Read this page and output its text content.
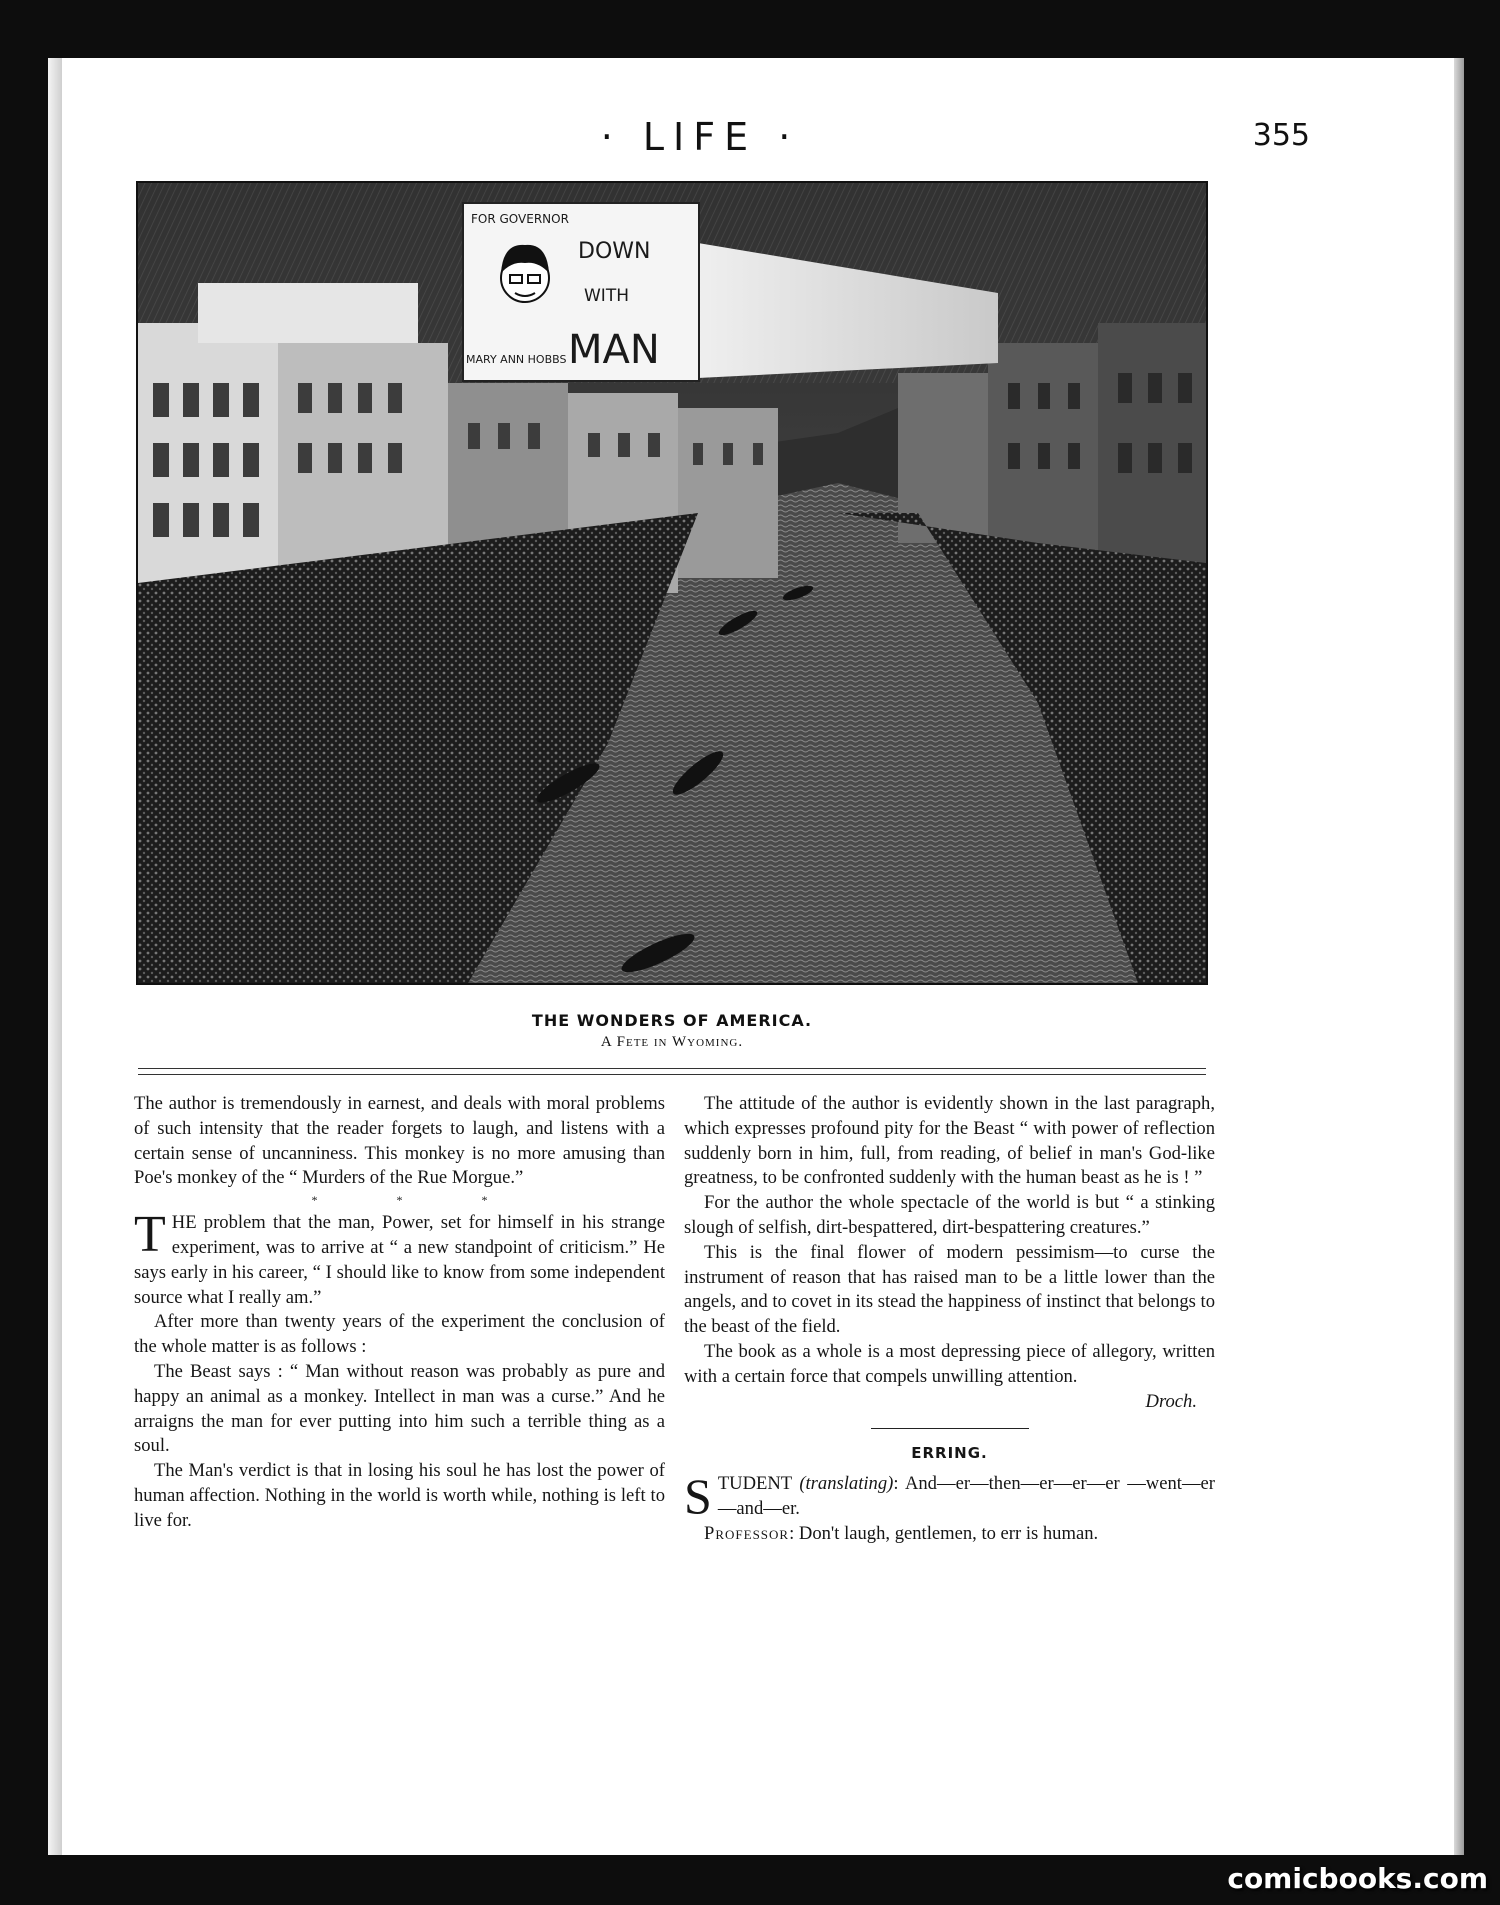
· LIFE ·	355
FOR GOVERNOR
MARY ANN HOBBS
DOWN
WITH
MAN
THE WONDERS OF AMERICA.
A Fete in Wyoming.

The author is tremendously in earnest, and deals with moral problems of such intensity that the reader forgets to laugh, and listens with a certain sense of uncanniness. This monkey is no more amusing than Poe's monkey of the “ Murders of the Rue Morgue.”

* * *

THE problem that the man, Power, set for himself in his strange experiment, was to arrive at “ a new standpoint of criticism.” He says early in his career, “ I should like to know from some independent source what I really am.”

After more than twenty years of the experiment the conclusion of the whole matter is as follows :

The Beast says : “ Man without reason was probably as pure and happy an animal as a monkey. Intellect in man was a curse.” And he arraigns the man for ever putting into him such a terrible thing as a soul.

The Man's verdict is that in losing his soul he has lost the power of human affection. Nothing in the world is worth while, nothing is left to live for.

The attitude of the author is evidently shown in the last paragraph, which expresses profound pity for the Beast “ with power of reflection suddenly born in him, full, from reading, of belief in man's God-like greatness, to be confronted suddenly with the human beast as he is ! ”

For the author the whole spectacle of the world is but “ a stinking slough of selfish, dirt-bespattered, dirt-bespattering creatures.”

This is the final flower of modern pessimism—to curse the instrument of reason that has raised man to be a little lower than the angels, and to covet in its stead the happiness of instinct that belongs to the beast of the field.

The book as a whole is a most depressing piece of allegory, written with a certain force that compels unwilling attention.

Droch.
ERRING.

STUDENT (translating): And—er—then—er—er—er —went—er—and—er.

Professor: Don't laugh, gentlemen, to err is human.

comicbooks.com
